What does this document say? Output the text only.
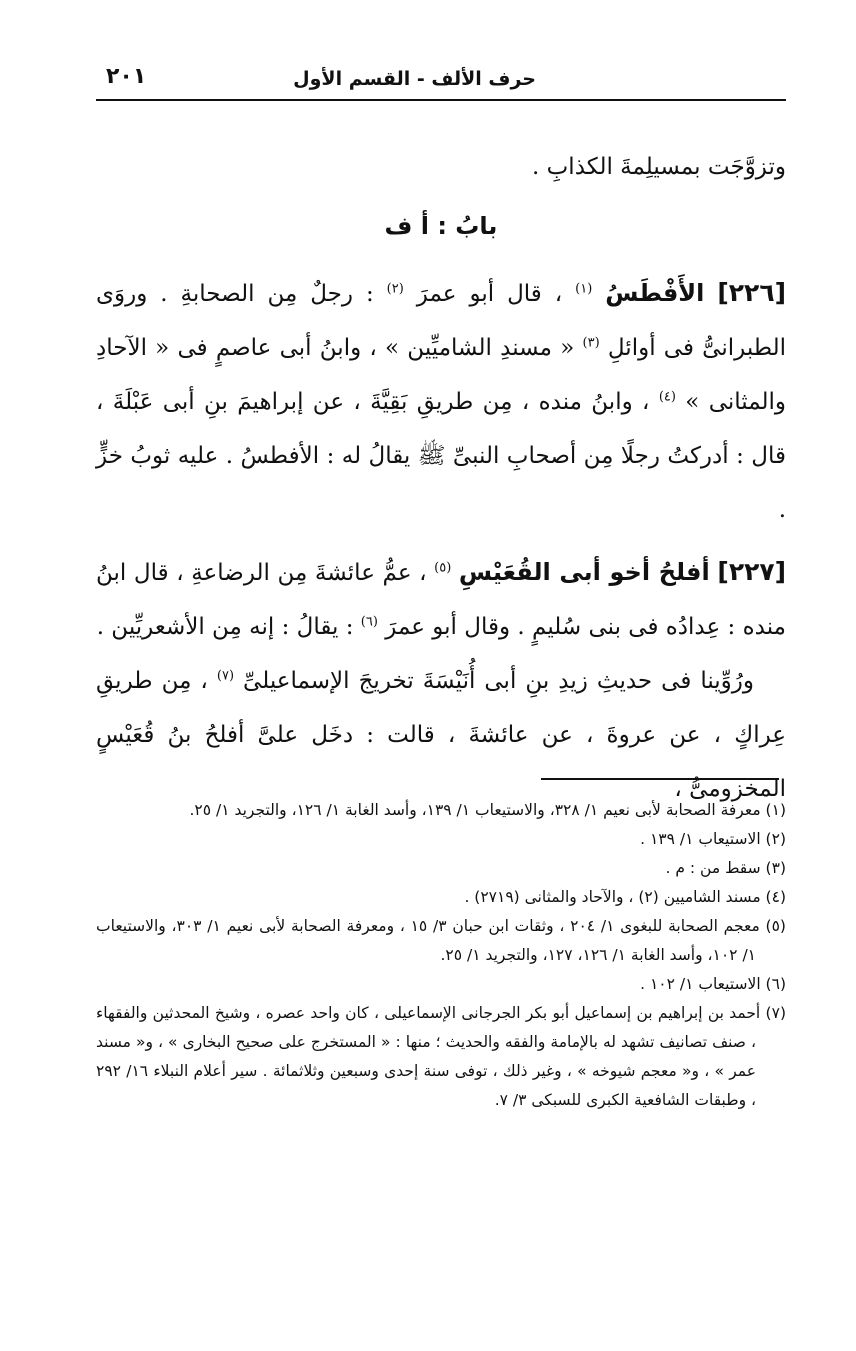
حرف الألف - القسم الأول
٢٠١

وتزوَّجَت بمسيلِمةَ الكذابِ .

بابُ : أ ف

[٢٢٦] الأَفْطَسُ $^{(١)}$ ، قال أبو عمرَ $^{(٢)}$ : رجلٌ مِن الصحابةِ . وروَى الطبرانىُّ فى أوائلِ $^{(٣)}$ « مسندِ الشاميِّين » ، وابنُ أبى عاصمٍ فى « الآحادِ والمثانى » $^{(٤)}$ ، وابنُ منده ، مِن طريقِ بَقِيَّةَ ، عن إبراهيمَ بنِ أبى عَبْلَةَ ، قال : أدركتُ رجلًا مِن أصحابِ النبىِّ ﷺ يقالُ له : الأفطسُ . عليه ثوبُ خزٍّ .

[٢٢٧] أفلحُ أخو أبى القُعَيْسِ $^{(٥)}$ ، عمُّ عائشةَ مِن الرضاعةِ ، قال ابنُ منده : عِدادُه فى بنى سُليمٍ . وقال أبو عمرَ $^{(٦)}$ : يقالُ : إنه مِن الأشعريِّين .

ورُوِّينا فى حديثِ زيدِ بنِ أبى أُنَيْسَةَ تخريجَ الإسماعيلىِّ $^{(٧)}$ ، مِن طريقِ عِراكٍ ، عن عروةَ ، عن عائشةَ ، قالت : دخَل علىَّ أفلحُ بنُ قُعَيْسٍ المخزومىُّ ،

(١) معرفة الصحابة لأبى نعيم ١/ ٣٢٨، والاستيعاب ١/ ١٣٩، وأسد الغابة ١/ ١٢٦، والتجريد ١/ ٢٥.

(٢) الاستيعاب ١/ ١٣٩ .

(٣) سقط من : م .

(٤) مسند الشاميين (٢) ، والآحاد والمثانى (٢٧١٩) .

(٥) معجم الصحابة للبغوى ١/ ٢٠٤ ، وثقات ابن حبان ٣/ ١٥ ، ومعرفة الصحابة لأبى نعيم ١/ ٣٠٣، والاستيعاب ١/ ١٠٢، وأسد الغابة ١/ ١٢٦، ١٢٧، والتجريد ١/ ٢٥.

(٦) الاستيعاب ١/ ١٠٢ .

(٧) أحمد بن إبراهيم بن إسماعيل أبو بكر الجرجانى الإسماعيلى ، كان واحد عصره ، وشيخ المحدثين والفقهاء ، صنف تصانيف تشهد له بالإمامة والفقه والحديث ؛ منها : « المستخرج على صحيح البخارى » ، و« مسند عمر » ، و« معجم شيوخه » ، وغير ذلك ، توفى سنة إحدى وسبعين وثلاثمائة . سير أعلام النبلاء ١٦/ ٢٩٢ ، وطبقات الشافعية الكبرى للسبكى ٣/ ٧.
